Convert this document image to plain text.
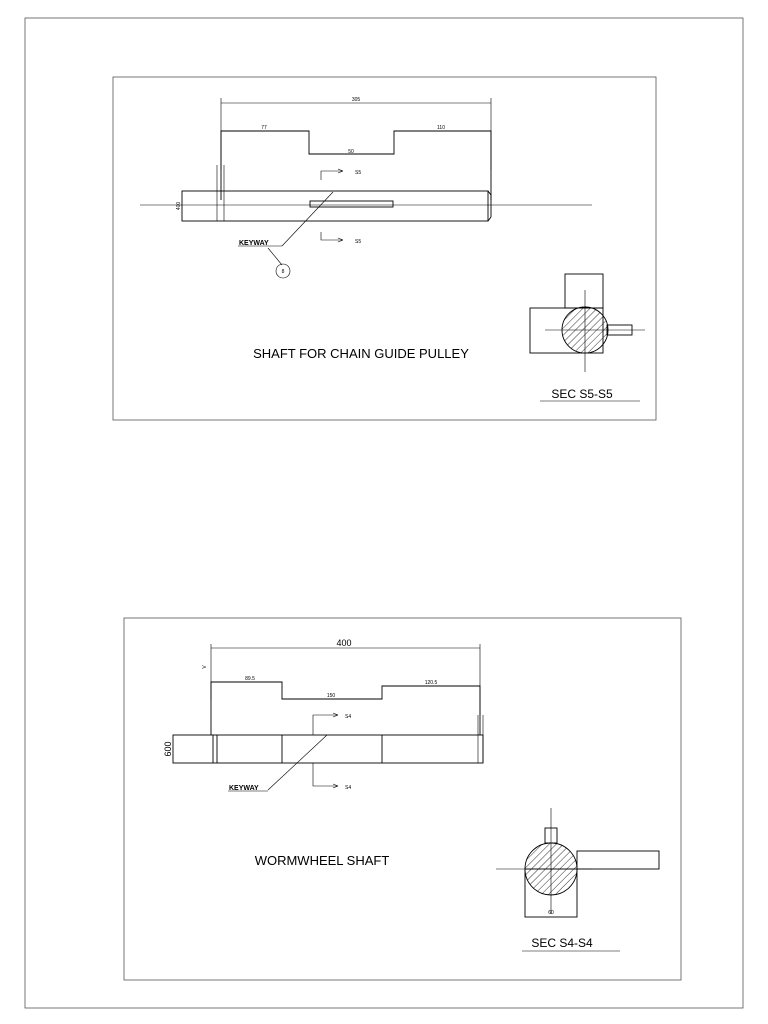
305
77	110
50
400
S5
S5
KEYWAY
8
SHAFT FOR CHAIN GUIDE PULLEY
SEC S5-S5
400
V
89.5
150
120.5
600
S4
S4
KEYWAY
60
WORMWHEEL SHAFT
SEC S4-S4
